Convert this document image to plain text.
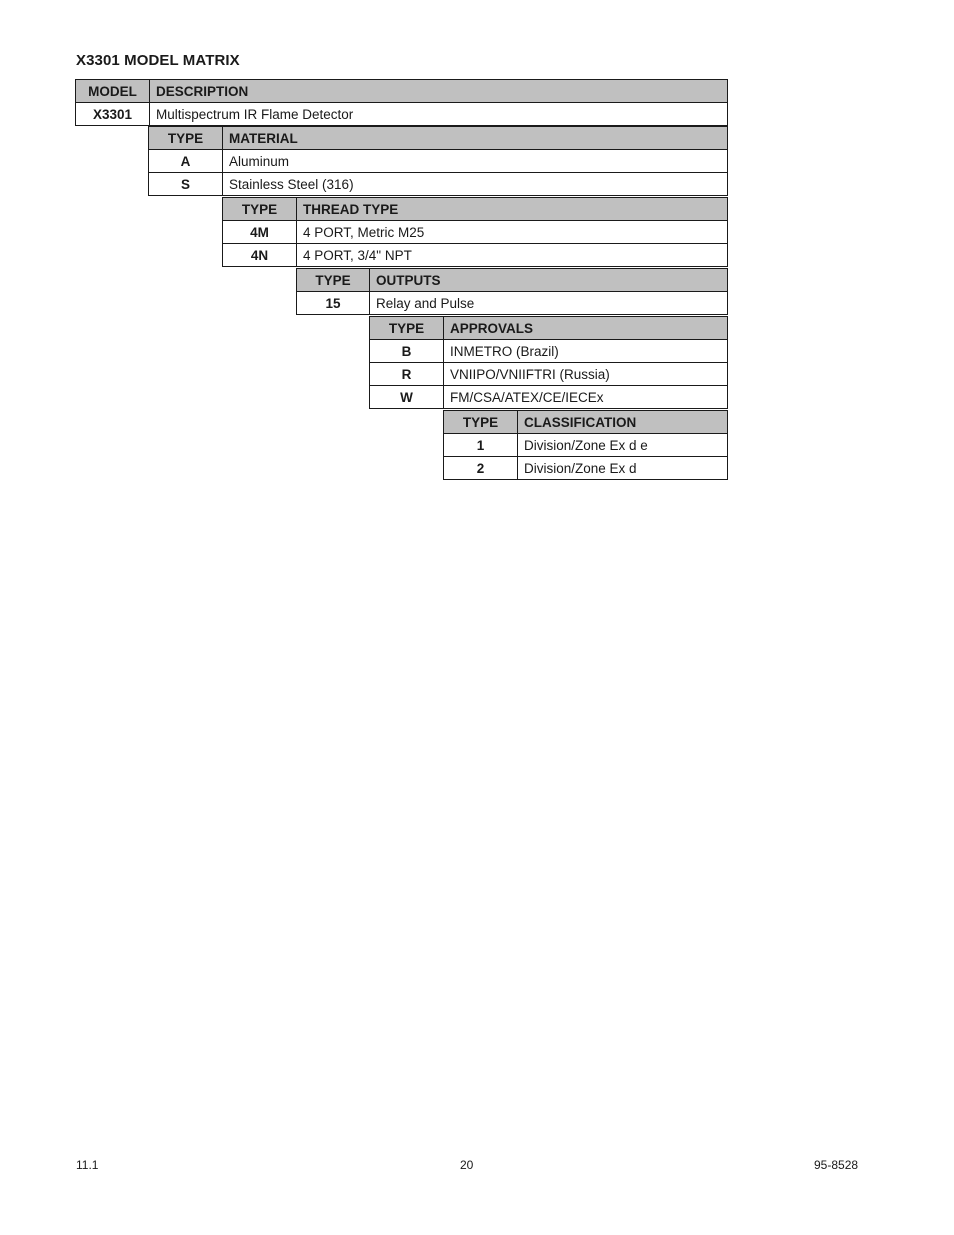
X3301 MODEL MATRIX
MODEL	DESCRIPTION
X3301	Multispectrum IR Flame Detector
TYPE	MATERIAL
A	Aluminum
S	Stainless Steel (316)
TYPE	THREAD TYPE
4M	4 PORT, Metric M25
4N	4 PORT, 3/4" NPT
TYPE	OUTPUTS
15	Relay and Pulse
TYPE	APPROVALS
B	INMETRO (Brazil)
R	VNIIPO/VNIIFTRI (Russia)
W	FM/CSA/ATEX/CE/IECEx
TYPE	CLASSIFICATION
1	Division/Zone Ex d e
2	Division/Zone Ex d
11.1	20	95-8528
